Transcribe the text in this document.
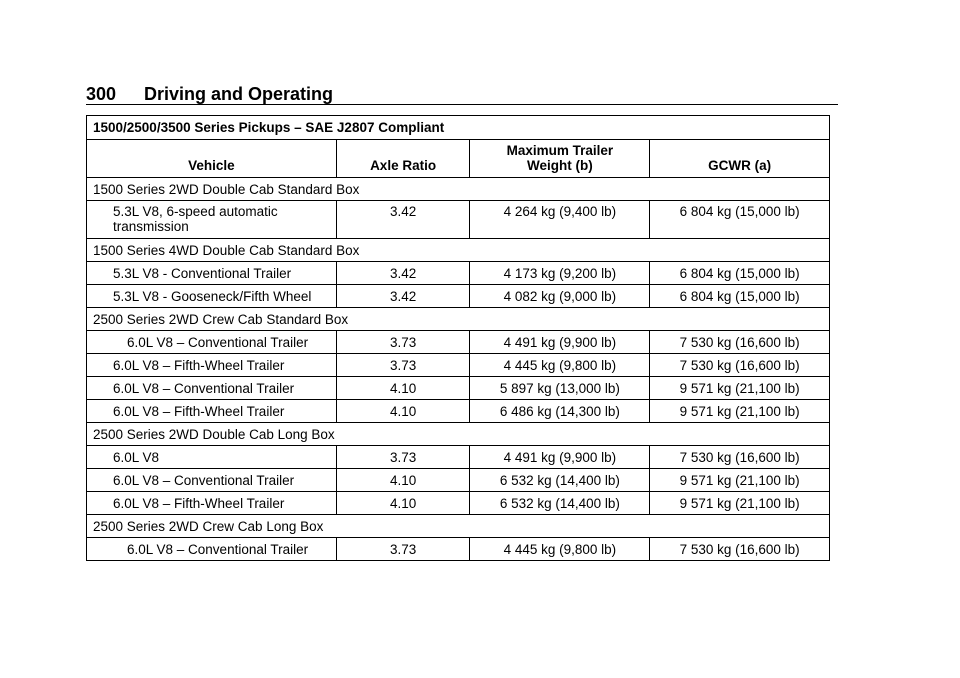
300 Driving and Operating
1500/2500/3500 Series Pickups – SAE J2807 Compliant			
Vehicle	Axle Ratio	Maximum Trailer Weight (b)	GCWR (a)
1500 Series 2WD Double Cab Standard Box			
5.3L V8, 6-speed automatic transmission	3.42	4 264 kg (9,400 lb)	6 804 kg (15,000 lb)
1500 Series 4WD Double Cab Standard Box			
5.3L V8 - Conventional Trailer	3.42	4 173 kg (9,200 lb)	6 804 kg (15,000 lb)
5.3L V8 - Gooseneck/Fifth Wheel	3.42	4 082 kg (9,000 lb)	6 804 kg (15,000 lb)
2500 Series 2WD Crew Cab Standard Box			
6.0L V8 – Conventional Trailer	3.73	4 491 kg (9,900 lb)	7 530 kg (16,600 lb)
6.0L V8 – Fifth-Wheel Trailer	3.73	4 445 kg (9,800 lb)	7 530 kg (16,600 lb)
6.0L V8 – Conventional Trailer	4.10	5 897 kg (13,000 lb)	9 571 kg (21,100 lb)
6.0L V8 – Fifth-Wheel Trailer	4.10	6 486 kg (14,300 lb)	9 571 kg (21,100 lb)
2500 Series 2WD Double Cab Long Box			
6.0L V8	3.73	4 491 kg (9,900 lb)	7 530 kg (16,600 lb)
6.0L V8 – Conventional Trailer	4.10	6 532 kg (14,400 lb)	9 571 kg (21,100 lb)
6.0L V8 – Fifth-Wheel Trailer	4.10	6 532 kg (14,400 lb)	9 571 kg (21,100 lb)
2500 Series 2WD Crew Cab Long Box			
6.0L V8 – Conventional Trailer	3.73	4 445 kg (9,800 lb)	7 530 kg (16,600 lb)
